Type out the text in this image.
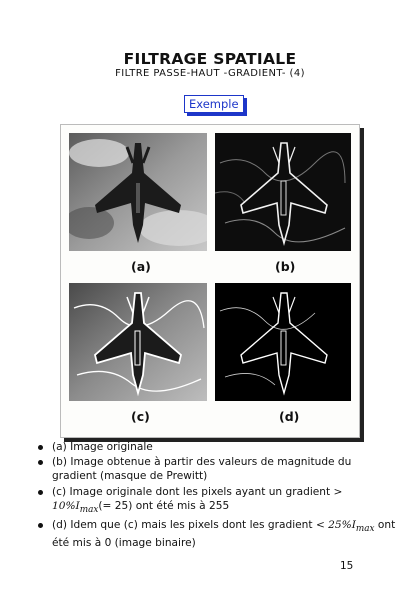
FILTRAGE SPATIALE
FILTRE PASSE-HAUT -GRADIENT- (4)
Exemple
(a)	(b)
(c)	(d)
(a) Image originale
(b) Image obtenue à partir des valeurs de magnitude du gradient (masque de Prewitt)
(c) Image originale dont les pixels ayant un gradient > $10\%I_{max}(= 25)$ ont été mis à 255
(d) Idem que (c) mais les pixels dont les gradient < $25\%I_{max}$ ont été mis à 0 (image binaire)
15
